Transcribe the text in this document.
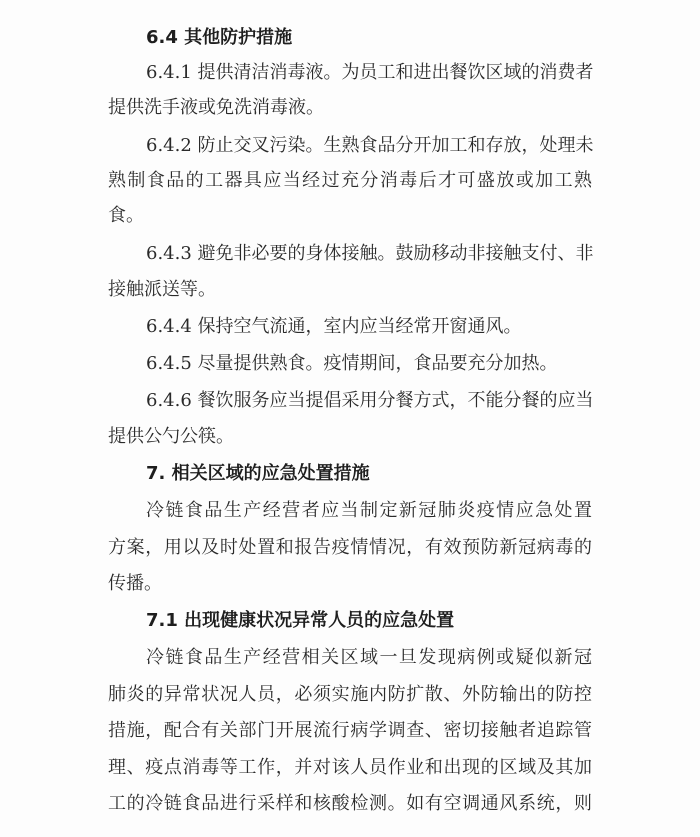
6.4 其他防护措施
6.4.1 提供清洁消毒液。为员工和进出餐饮区域的消费者
提供洗手液或免洗消毒液。
6.4.2 防止交叉污染。生熟食品分开加工和存放，处理未
熟制食品的工器具应当经过充分消毒后才可盛放或加工熟
食。
6.4.3 避免非必要的身体接触。鼓励移动非接触支付、非
接触派送等。
6.4.4 保持空气流通，室内应当经常开窗通风。
6.4.5 尽量提供熟食。疫情期间，食品要充分加热。
6.4.6 餐饮服务应当提倡采用分餐方式，不能分餐的应当
提供公勺公筷。
7. 相关区域的应急处置措施
冷链食品生产经营者应当制定新冠肺炎疫情应急处置
方案，用以及时处置和报告疫情情况，有效预防新冠病毒的
传播。
7.1 出现健康状况异常人员的应急处置
冷链食品生产经营相关区域一旦发现病例或疑似新冠
肺炎的异常状况人员，必须实施内防扩散、外防输出的防控
措施，配合有关部门开展流行病学调查、密切接触者追踪管
理、疫点消毒等工作，并对该人员作业和出现的区域及其加
工的冷链食品进行采样和核酸检测。如有空调通风系统，则
